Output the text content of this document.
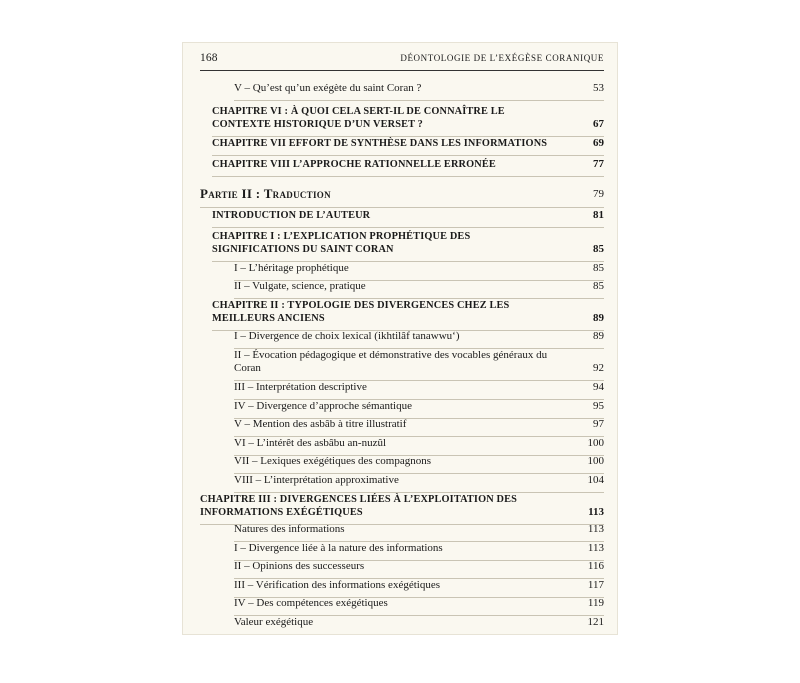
168	DÉONTOLOGIE DE L’EXÉGÈSE CORANIQUE
V – Qu’est qu’un exégète du saint Coran ?	53
CHAPITRE VI : À QUOI CELA SERT-IL DE CONNAÎTRE LE CONTEXTE HISTORIQUE D’UN VERSET ?	67
CHAPITRE VII EFFORT DE SYNTHÈSE DANS LES INFORMATIONS	69
CHAPITRE VIII L’APPROCHE RATIONNELLE ERRONÉE	77
Partie II : Traduction	79
INTRODUCTION DE L’AUTEUR	81
CHAPITRE I : L’EXPLICATION PROPHÉTIQUE DES SIGNIFICATIONS DU SAINT CORAN	85
I – L’héritage prophétique	85
II – Vulgate, science, pratique	85
CHAPITRE II : TYPOLOGIE DES DIVERGENCES CHEZ LES MEILLEURS ANCIENS	89
I – Divergence de choix lexical (ikhtilâf tanawwu‘)	89
II – Évocation pédagogique et démonstrative des vocables généraux du Coran	92
III – Interprétation descriptive	94
IV – Divergence d’approche sémantique	95
V – Mention des asbâb à titre illustratif	97
VI – L’intérêt des asbâbu an-nuzûl	100
VII – Lexiques exégétiques des compagnons	100
VIII – L’interprétation approximative	104
CHAPITRE III : DIVERGENCES LIÉES À L’EXPLOITATION DES INFORMATIONS EXÉGÉTIQUES	113
Natures des informations	113
I – Divergence liée à la nature des informations	113
II – Opinions des successeurs	116
III – Vérification des informations exégétiques	117
IV – Des compétences exégétiques	119
Valeur exégétique	121
